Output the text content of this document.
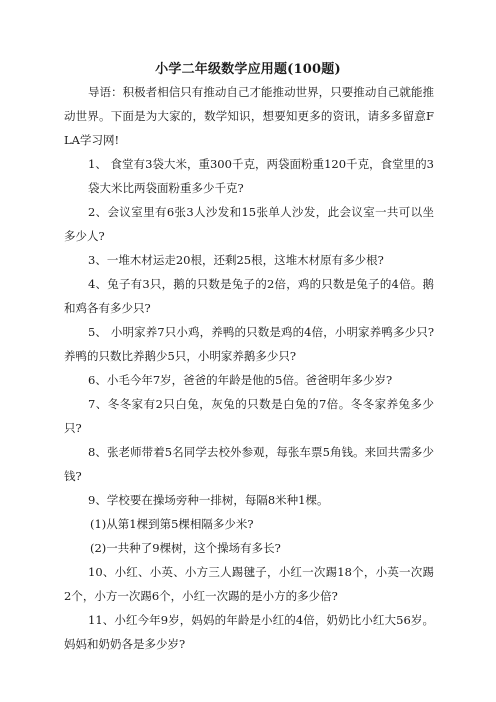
小学二年级数学应用题(100题)

导语：积极者相信只有推动自己才能推动世界，只要推动自己就能推动世界。下面是为大家的，数学知识，想要知更多的资讯，请多多留意FLA学习网!

1、 食堂有3袋大米，重300千克，两袋面粉重120千克，食堂里的3袋大米比两袋面粉重多少千克?

2、会议室里有6张3人沙发和15张单人沙发，此会议室一共可以坐多少人?

3、一堆木材运走20根，还剩25根，这堆木材原有多少根?

4、兔子有3只，鹅的只数是兔子的2倍，鸡的只数是兔子的4倍。鹅和鸡各有多少只?

5、 小明家养7只小鸡，养鸭的只数是鸡的4倍，小明家养鸭多少只?养鸭的只数比养鹅少5只，小明家养鹅多少只?

6、小毛今年7岁，爸爸的年龄是他的5倍。爸爸明年多少岁?

7、冬冬家有2只白兔，灰兔的只数是白兔的7倍。冬冬家养兔多少只?

8、张老师带着5名同学去校外参观，每张车票5角钱。来回共需多少钱?

9、学校要在操场旁种一排树，每隔8米种1棵。

(1)从第1棵到第5棵相隔多少米?

(2)一共种了9棵树，这个操场有多长?

10、小红、小英、小方三人踢毽子，小红一次踢18个，小英一次踢2个，小方一次踢6个，小红一次踢的是小方的多少倍?

11、小红今年9岁，妈妈的年龄是小红的4倍，奶奶比小红大56岁。妈妈和奶奶各是多少岁?
